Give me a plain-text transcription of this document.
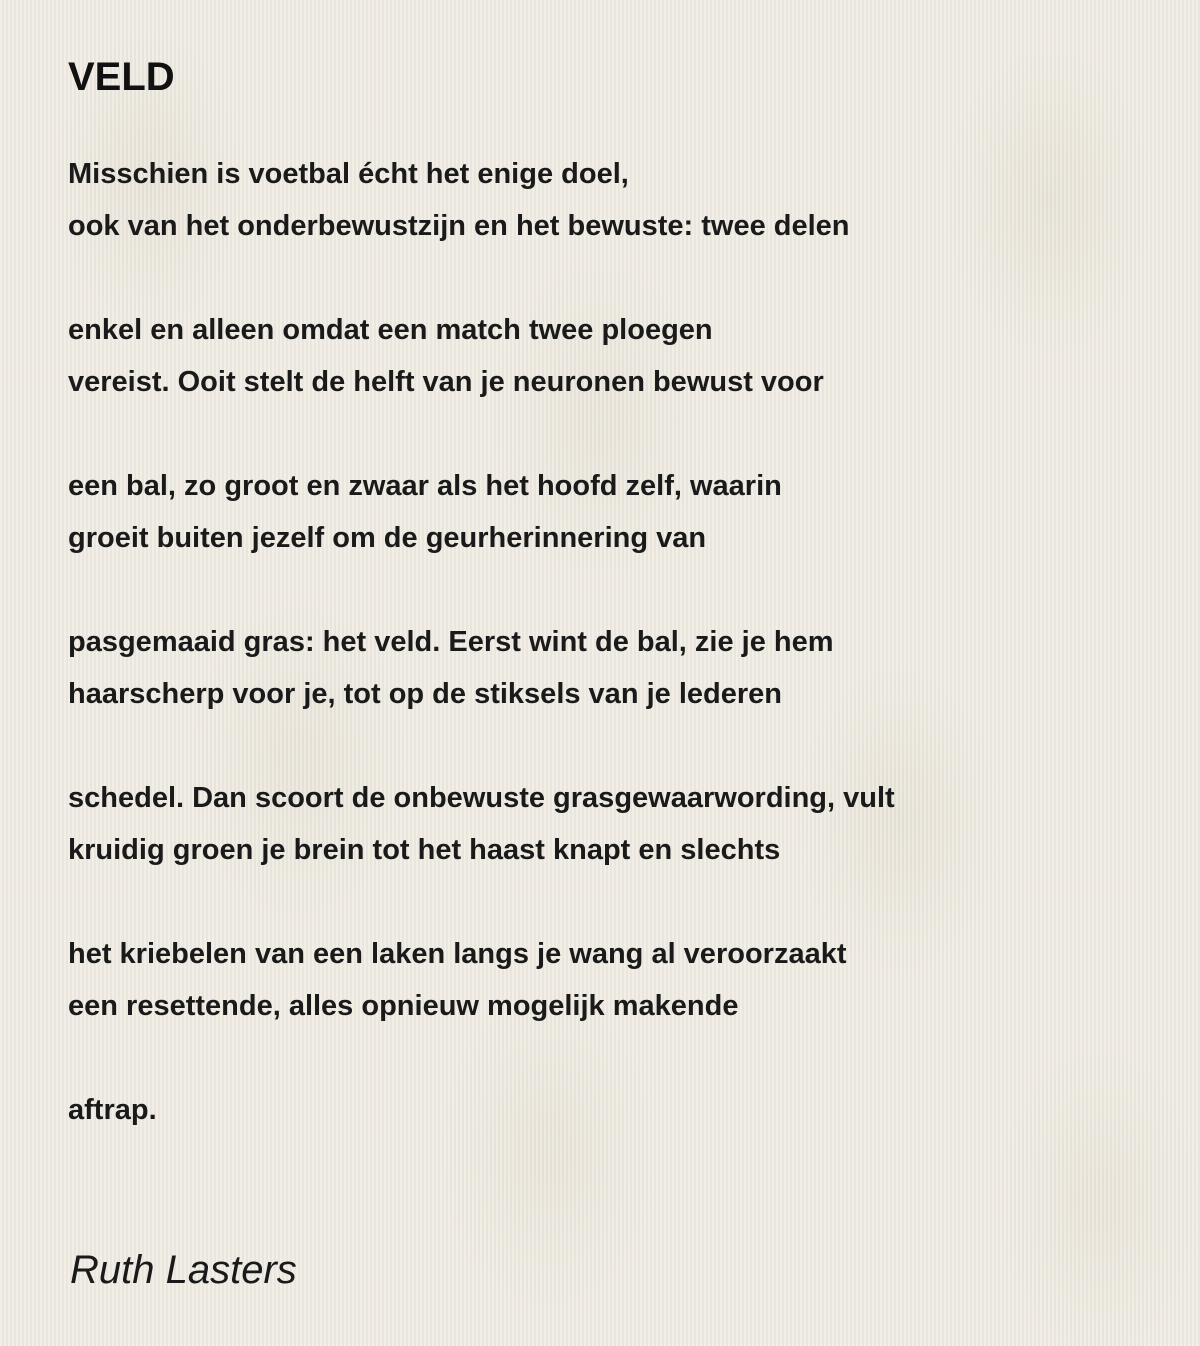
VELD

Misschien is voetbal écht het enige doel,
ook van het onderbewustzijn en het bewuste: twee delen

enkel en alleen omdat een match twee ploegen
vereist. Ooit stelt de helft van je neuronen bewust voor

een bal, zo groot en zwaar als het hoofd zelf, waarin
groeit buiten jezelf om de geurherinnering van

pasgemaaid gras: het veld. Eerst wint de bal, zie je hem
haarscherp voor je, tot op de stiksels van je lederen

schedel. Dan scoort de onbewuste grasgewaarwording, vult
kruidig groen je brein tot het haast knapt en slechts

het kriebelen van een laken langs je wang al veroorzaakt
een resettende, alles opnieuw mogelijk makende

aftrap.

Ruth Lasters
